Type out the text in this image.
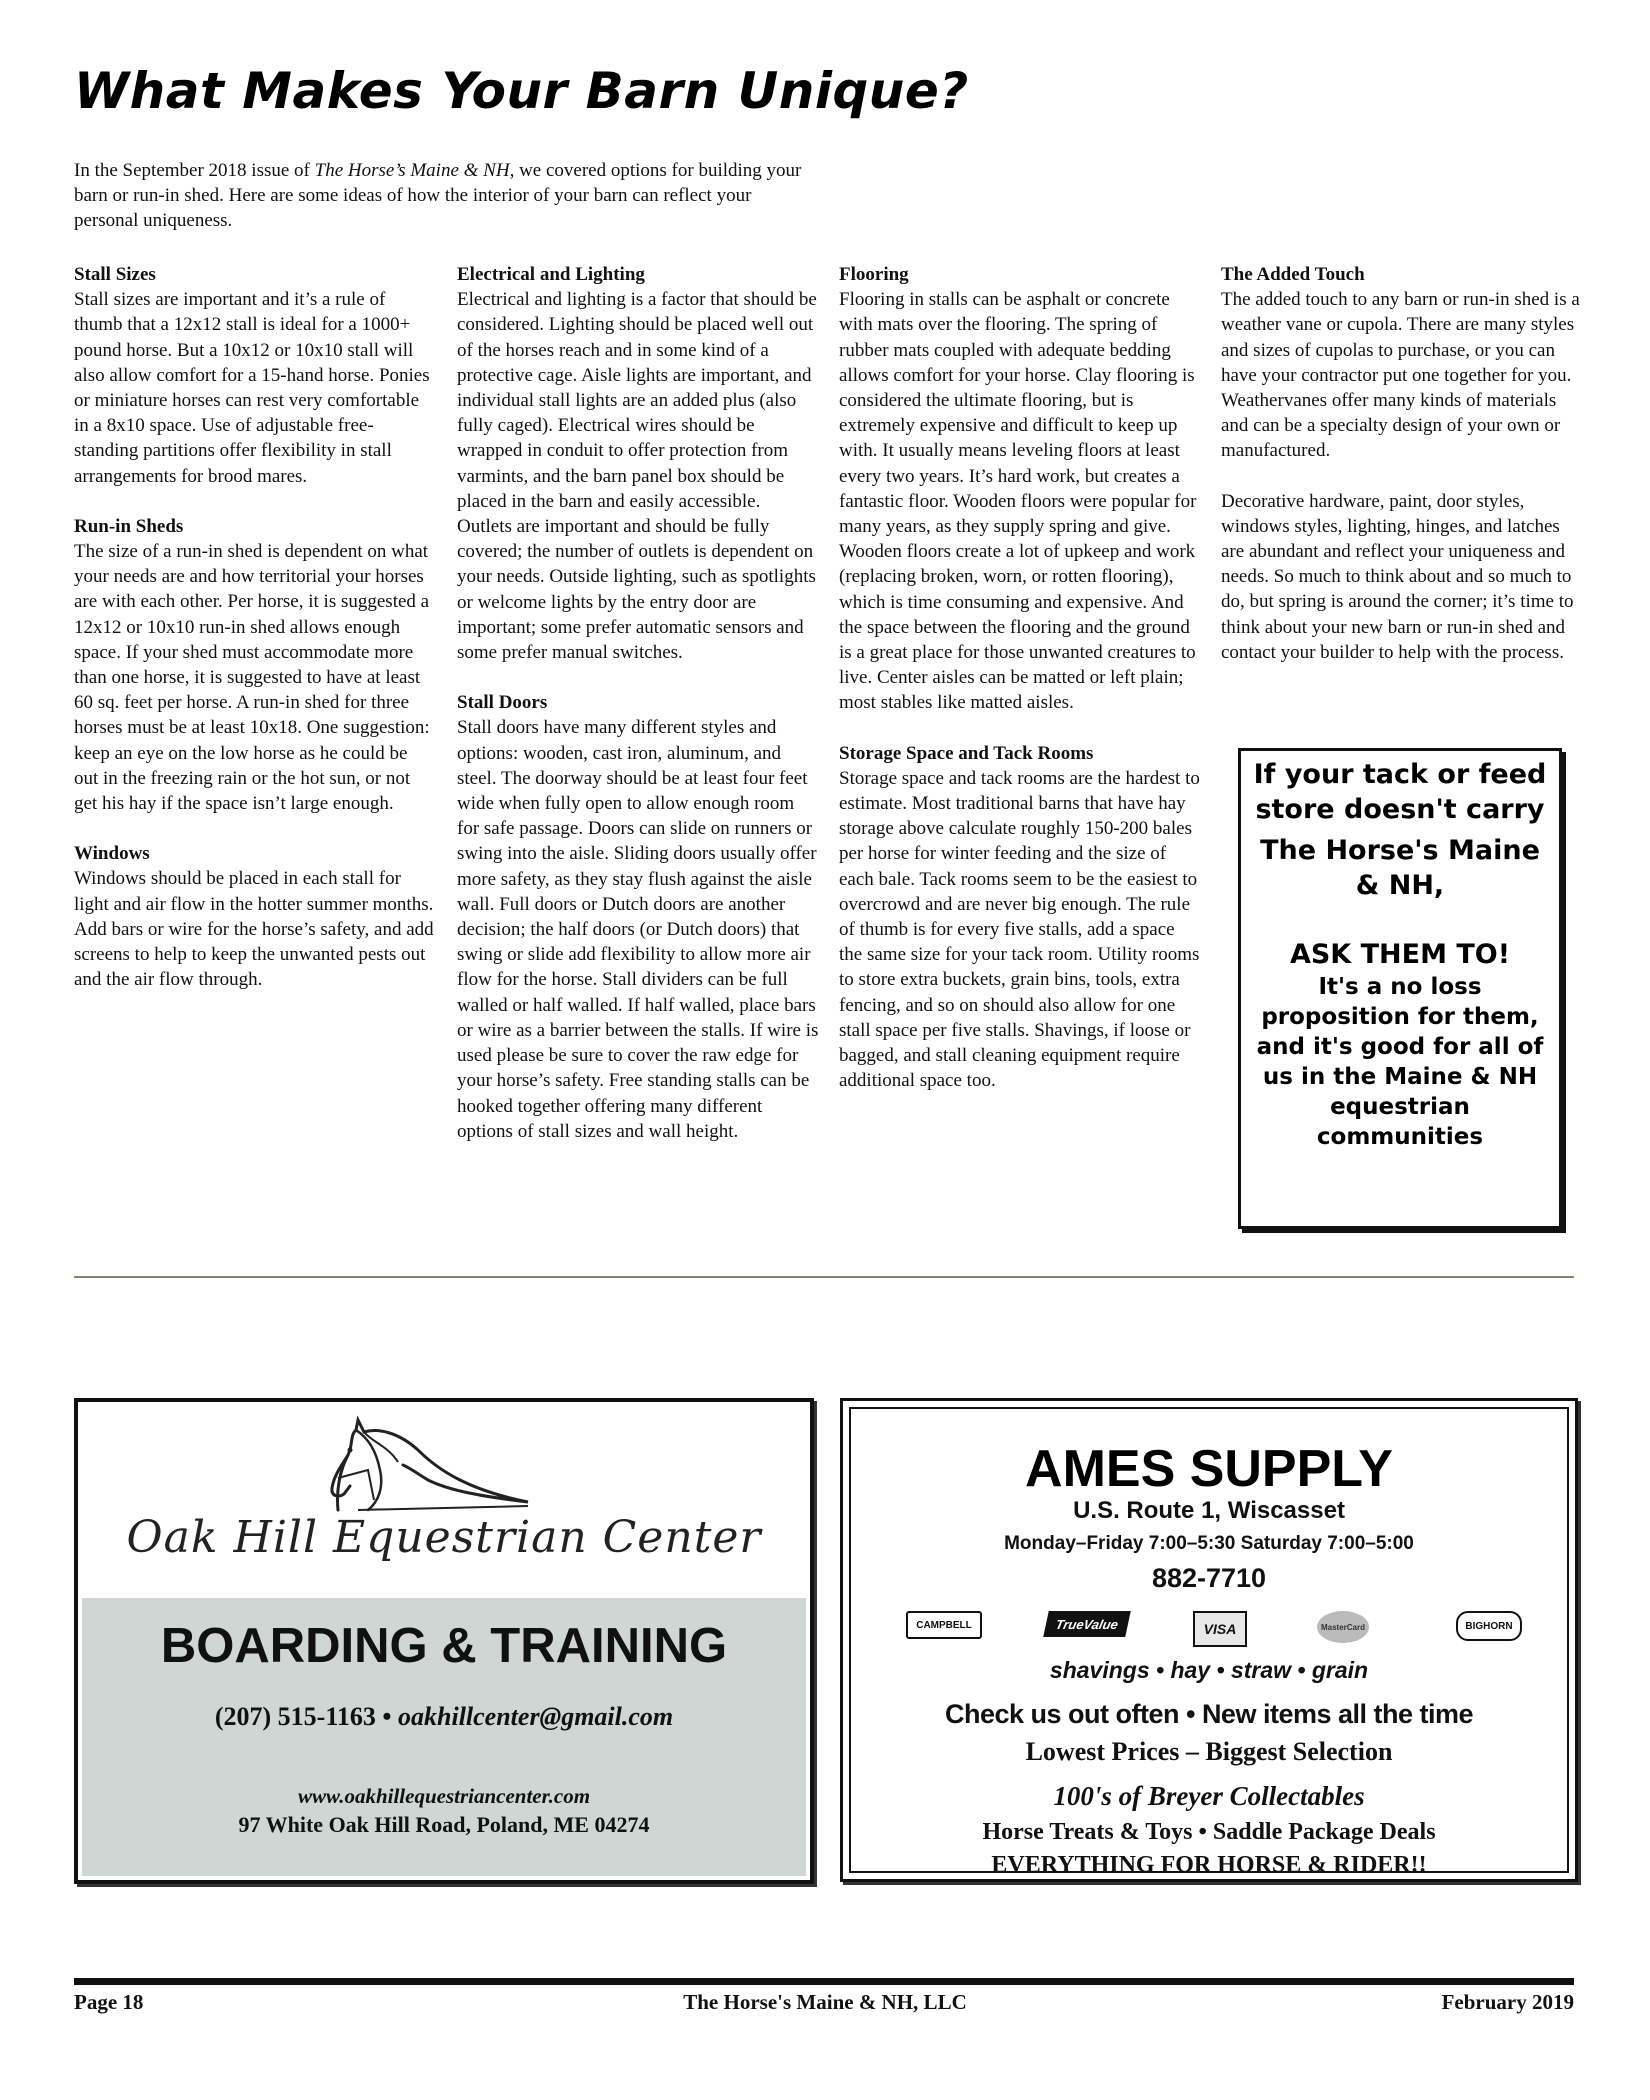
What Makes Your Barn Unique?

In the September 2018 issue of The Horse’s Maine & NH, we covered options for building your barn or run-in shed. Here are some ideas of how the interior of your barn can reflect your personal uniqueness.

Stall Sizes

Stall sizes are important and it’s a rule of thumb that a 12x12 stall is ideal for a 1000+ pound horse. But a 10x12 or 10x10 stall will also allow comfort for a 15-hand horse. Ponies or miniature horses can rest very comfortable in a 8x10 space. Use of adjustable free-standing partitions offer flexibility in stall arrangements for brood mares.

Run-in Sheds

The size of a run-in shed is dependent on what your needs are and how territorial your horses are with each other. Per horse, it is suggested a 12x12 or 10x10 run-in shed allows enough space. If your shed must accommodate more than one horse, it is suggested to have at least 60 sq. feet per horse. A run-in shed for three horses must be at least 10x18. One suggestion: keep an eye on the low horse as he could be out in the freezing rain or the hot sun, or not get his hay if the space isn’t large enough.

Windows

Windows should be placed in each stall for light and air flow in the hotter summer months. Add bars or wire for the horse’s safety, and add screens to help to keep the unwanted pests out and the air flow through.

Electrical and Lighting

Electrical and lighting is a factor that should be considered. Lighting should be placed well out of the horses reach and in some kind of a protective cage. Aisle lights are important, and individual stall lights are an added plus (also fully caged). Electrical wires should be wrapped in conduit to offer protection from varmints, and the barn panel box should be placed in the barn and easily accessible. Outlets are important and should be fully covered; the number of outlets is dependent on your needs. Outside lighting, such as spotlights or welcome lights by the entry door are important; some prefer automatic sensors and some prefer manual switches.

Stall Doors

Stall doors have many different styles and options: wooden, cast iron, aluminum, and steel. The doorway should be at least four feet wide when fully open to allow enough room for safe passage. Doors can slide on runners or swing into the aisle. Sliding doors usually offer more safety, as they stay flush against the aisle wall. Full doors or Dutch doors are another decision; the half doors (or Dutch doors) that swing or slide add flexibility to allow more air flow for the horse. Stall dividers can be full walled or half walled. If half walled, place bars or wire as a barrier between the stalls. If wire is used please be sure to cover the raw edge for your horse’s safety. Free standing stalls can be hooked together offering many different options of stall sizes and wall height.

Flooring

Flooring in stalls can be asphalt or concrete with mats over the flooring. The spring of rubber mats coupled with adequate bedding allows comfort for your horse. Clay flooring is considered the ultimate flooring, but is extremely expensive and difficult to keep up with. It usually means leveling floors at least every two years. It’s hard work, but creates a fantastic floor. Wooden floors were popular for many years, as they supply spring and give. Wooden floors create a lot of upkeep and work (replacing broken, worn, or rotten flooring), which is time consuming and expensive. And the space between the flooring and the ground is a great place for those unwanted creatures to live. Center aisles can be matted or left plain; most stables like matted aisles.

Storage Space and Tack Rooms

Storage space and tack rooms are the hardest to estimate. Most traditional barns that have hay storage above calculate roughly 150-200 bales per horse for winter feeding and the size of each bale. Tack rooms seem to be the easiest to overcrowd and are never big enough. The rule of thumb is for every five stalls, add a space the same size for your tack room. Utility rooms to store extra buckets, grain bins, tools, extra fencing, and so on should also allow for one stall space per five stalls. Shavings, if loose or bagged, and stall cleaning equipment require additional space too.

The Added Touch

The added touch to any barn or run-in shed is a weather vane or cupola. There are many styles and sizes of cupolas to purchase, or you can have your contractor put one together for you. Weathervanes offer many kinds of materials and can be a specialty design of your own or manufactured.

Decorative hardware, paint, door styles, windows styles, lighting, hinges, and latches are abundant and reflect your uniqueness and needs. So much to think about and so much to do, but spring is around the corner; it’s time to think about your new barn or run-in shed and contact your builder to help with the process.

If your tack or feed store doesn't carry
The Horse's Maine & NH,
ASK THEM TO!
It's a no loss proposition for them, and it's good for all of us in the Maine & NH equestrian communities
Oak Hill Equestrian Center
BOARDING & TRAINING
(207) 515-1163 • oakhillcenter@gmail.com
www.oakhillequestriancenter.com
97 White Oak Hill Road, Poland, ME 04274
AMES SUPPLY
U.S. Route 1, Wiscasset
Monday–Friday 7:00–5:30 Saturday 7:00–5:00
882-7710
CAMPBELL	TrueValue	VISA	MasterCard	BIGHORN
shavings • hay • straw • grain
Check us out often • New items all the time
Lowest Prices – Biggest Selection
100's of Breyer Collectables
Horse Treats & Toys • Saddle Package Deals
EVERYTHING FOR HORSE & RIDER!!
Page 18	The Horse's Maine & NH, LLC	February 2019
